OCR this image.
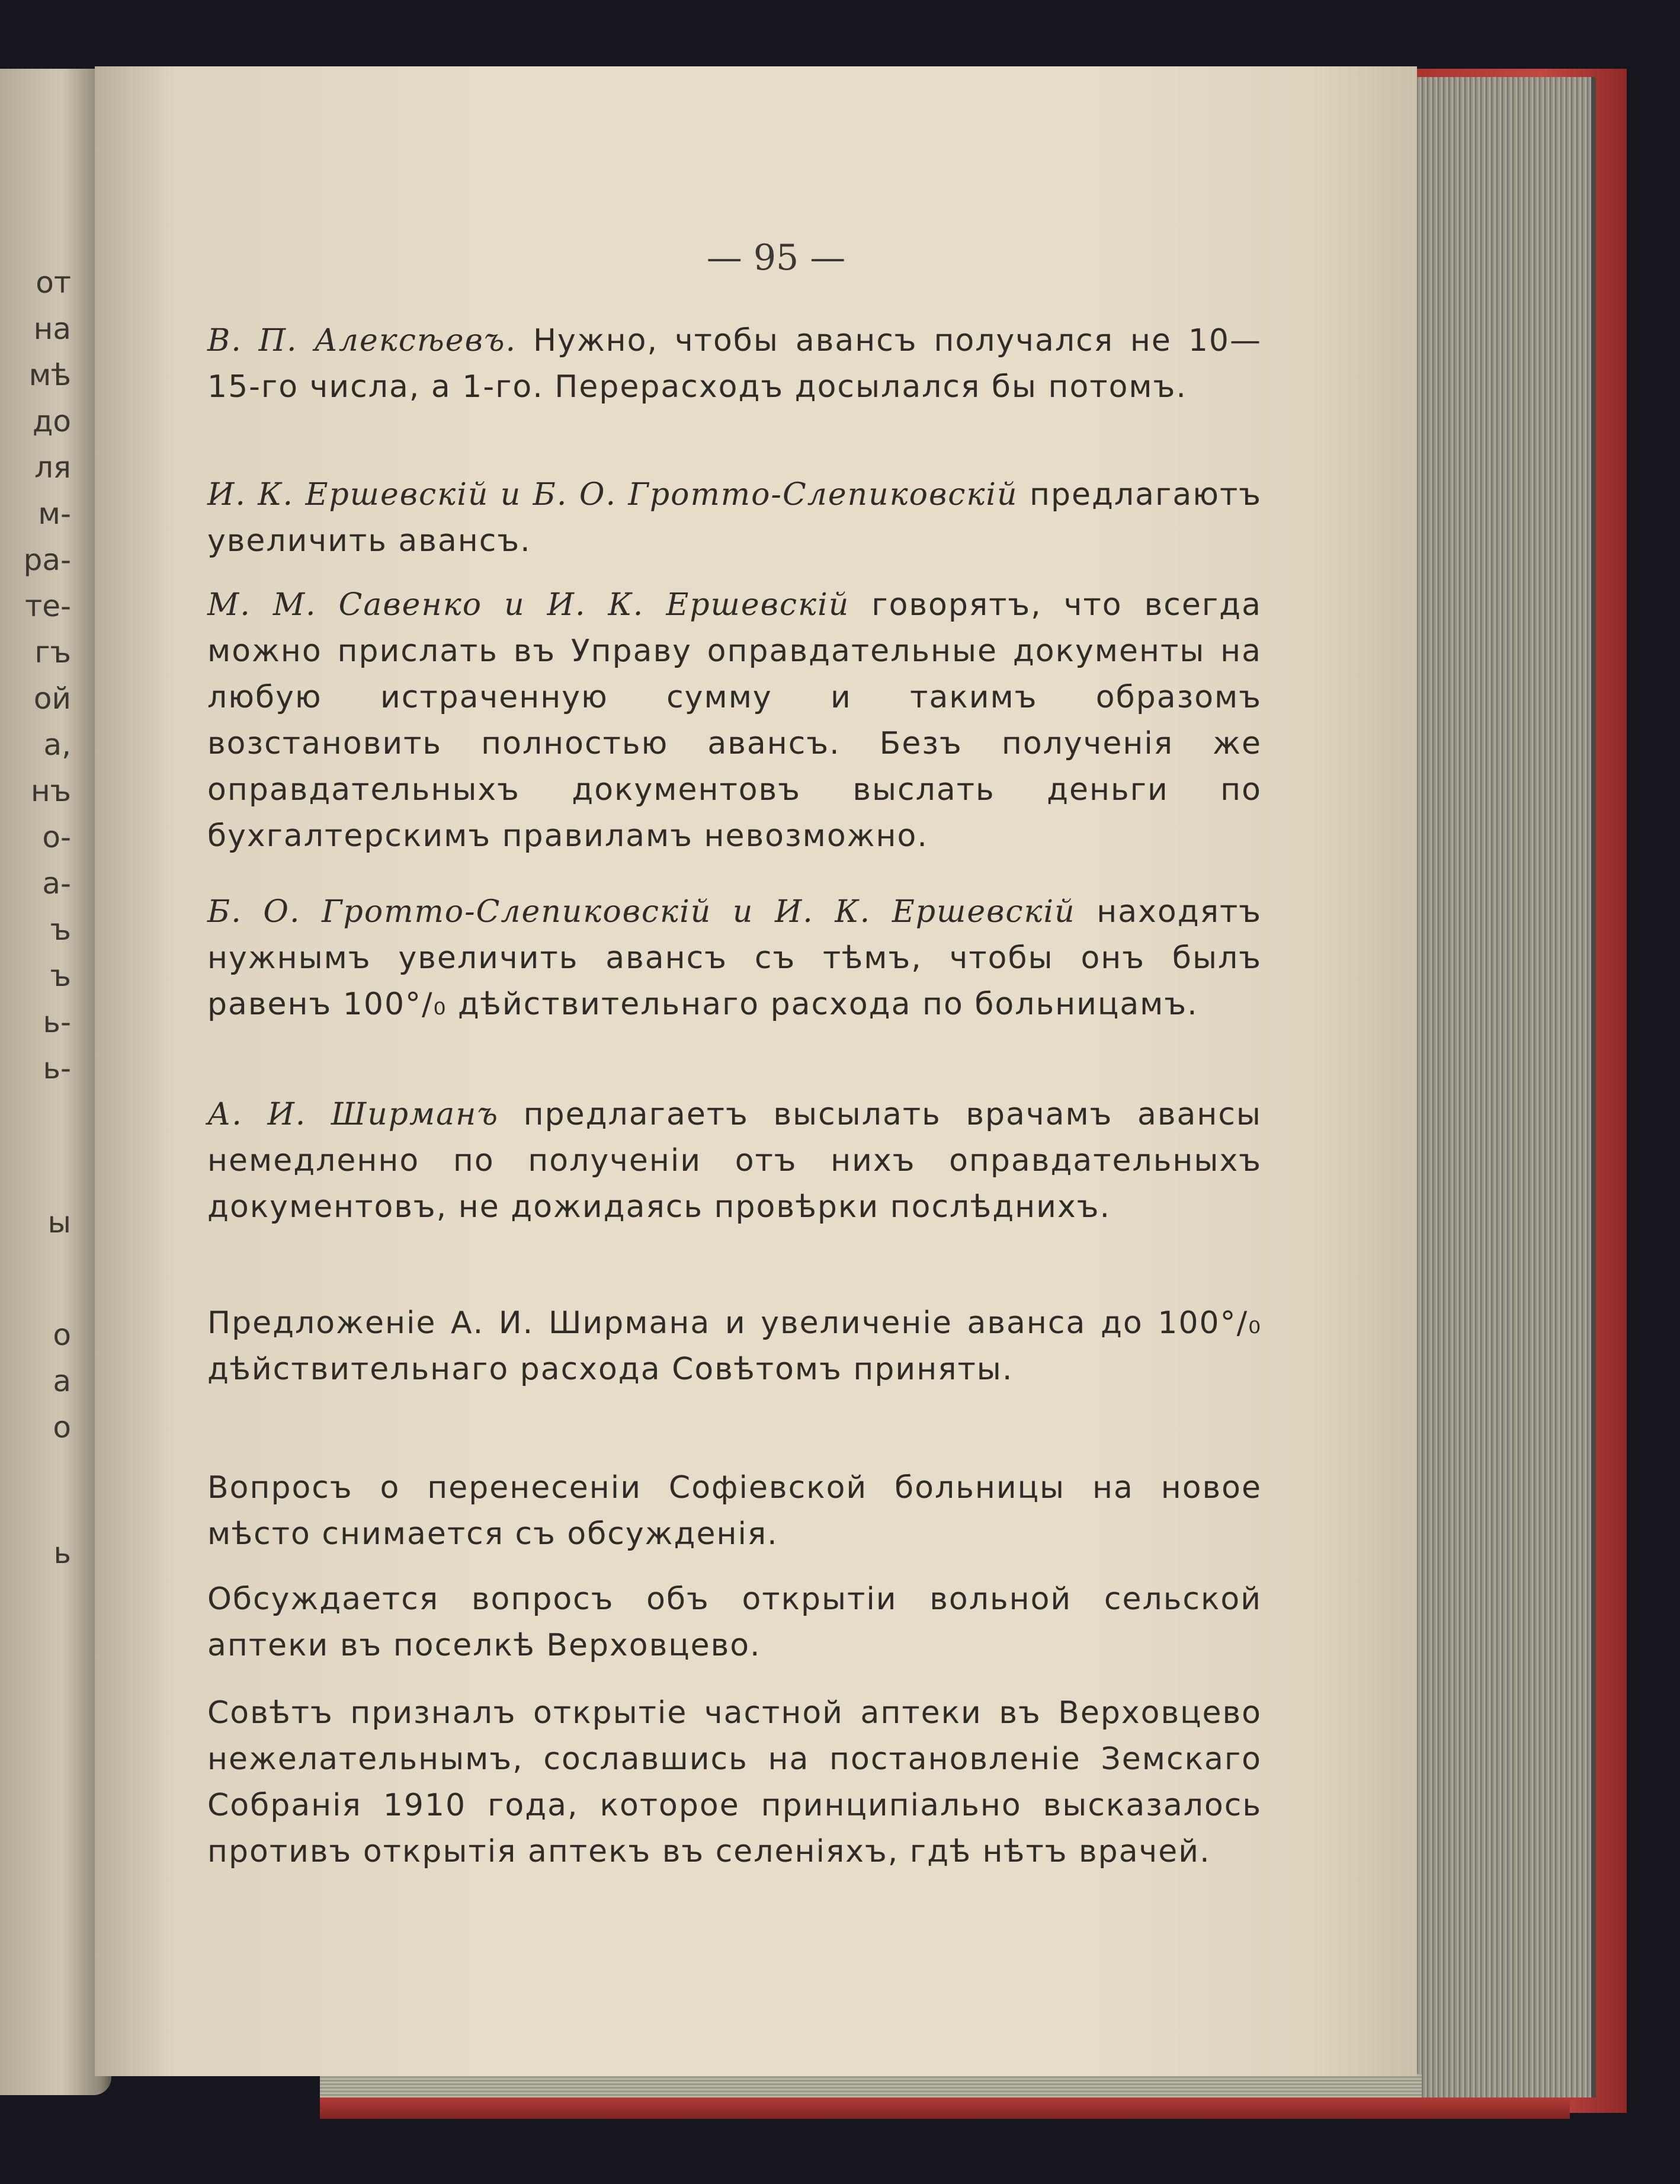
от
на
мѣ
до
ля
м-
ра-
те-
гъ
ой
а,
нъ
о-
а-
ъ
ъ
ь-
ь-
ы
о
а
о
ь
— 95 —

В. П. Алексѣевъ. Нужно, чтобы авансъ получался не 10—15-го числа, а 1-го. Перерасходъ досылался бы потомъ.

И. К. Ершевскій и Б. О. Гротто-Слепиковскій предлагаютъ увеличить авансъ.

М. М. Савенко и И. К. Ершевскій говорятъ, что всегда можно прислать въ Управу оправдательные документы на любую истраченную сумму и такимъ образомъ возстановить полностью авансъ. Безъ полученія же оправдательныхъ документовъ выслать деньги по бухгалтерскимъ правиламъ невозможно.

Б. О. Гротто-Слепиковскій и И. К. Ершевскій находятъ нужнымъ увеличить авансъ съ тѣмъ, чтобы онъ былъ равенъ 100°/₀ дѣйствительнаго расхода по больницамъ.

А. И. Ширманъ предлагаетъ высылать врачамъ авансы немедленно по полученіи отъ нихъ оправдательныхъ документовъ, не дожидаясь провѣрки послѣднихъ.

Предложеніе А. И. Ширмана и увеличеніе аванса до 100°/₀ дѣйствительнаго расхода Совѣтомъ приняты.

Вопросъ о перенесеніи Софіевской больницы на новое мѣсто снимается съ обсужденія.

Обсуждается вопросъ объ открытіи вольной сельской аптеки въ поселкѣ Верховцево.

Совѣтъ призналъ открытіе частной аптеки въ Верховцево нежелательнымъ, сославшись на постановленіе Земскаго Собранія 1910 года, которое принципіально высказалось противъ открытія аптекъ въ селеніяхъ, гдѣ нѣтъ врачей.
